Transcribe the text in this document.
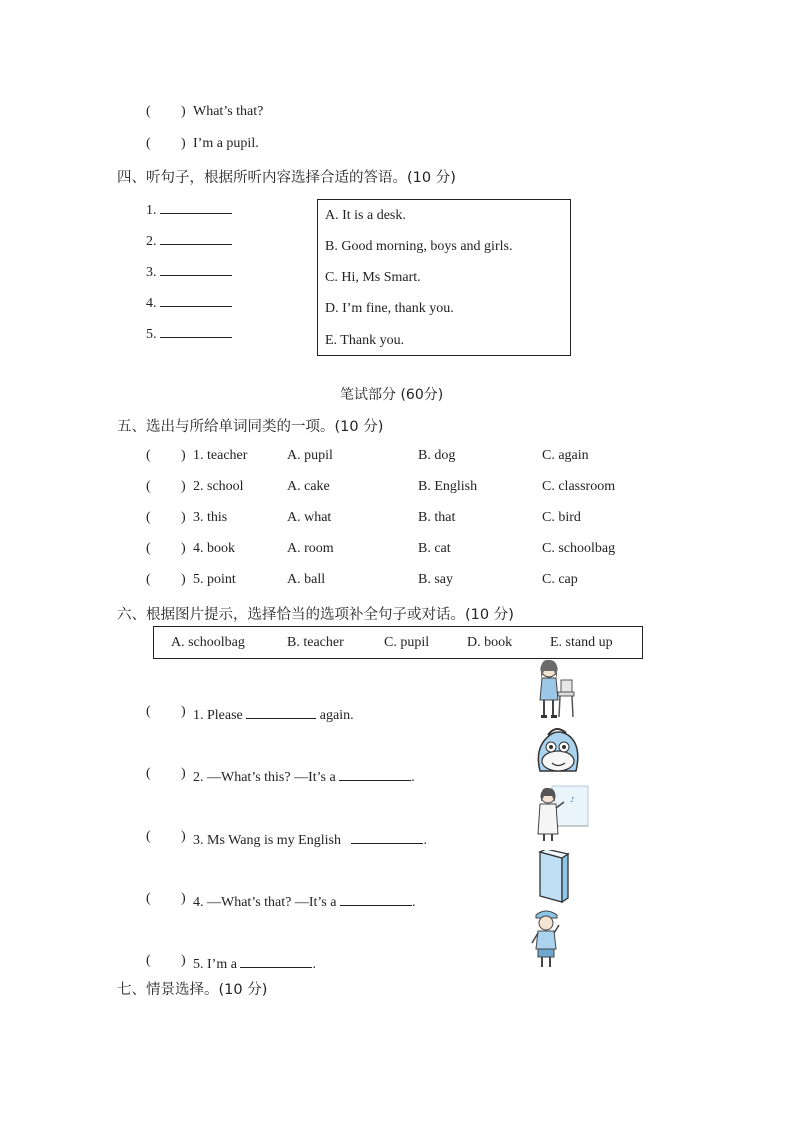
( ) What’s that?
( ) I’m a pupil.
四、听句子，根据所听内容选择合适的答语。(10 分)
1.
2.
3.
4.
5.
A. It is a desk.
B. Good morning, boys and girls.
C. Hi, Ms Smart.
D. I’m fine, thank you.
E. Thank you.
笔试部分 (60分)
五、选出与所给单词同类的一项。(10 分)
( ) 1. teacher	A. pupil	B. dog	C. again
( ) 2. school	A. cake	B. English	C. classroom
( ) 3. this	A. what	B. that	C. bird
( ) 4. book	A. room	B. cat	C. schoolbag
( ) 5. point	A. ball	B. say	C. cap
六、根据图片提示，选择恰当的选项补全句子或对话。(10 分)
A. schoolbag	B. teacher	C. pupil	D. book	E. stand up
( ) 1. Please	again.
( ) 2. —What’s this? —It’s a	.
( ) 3. Ms Wang is my English	.
( ) 4. —What’s that? —It’s a	.
( ) 5. I’m a	.
♪
七、情景选择。(10 分)
